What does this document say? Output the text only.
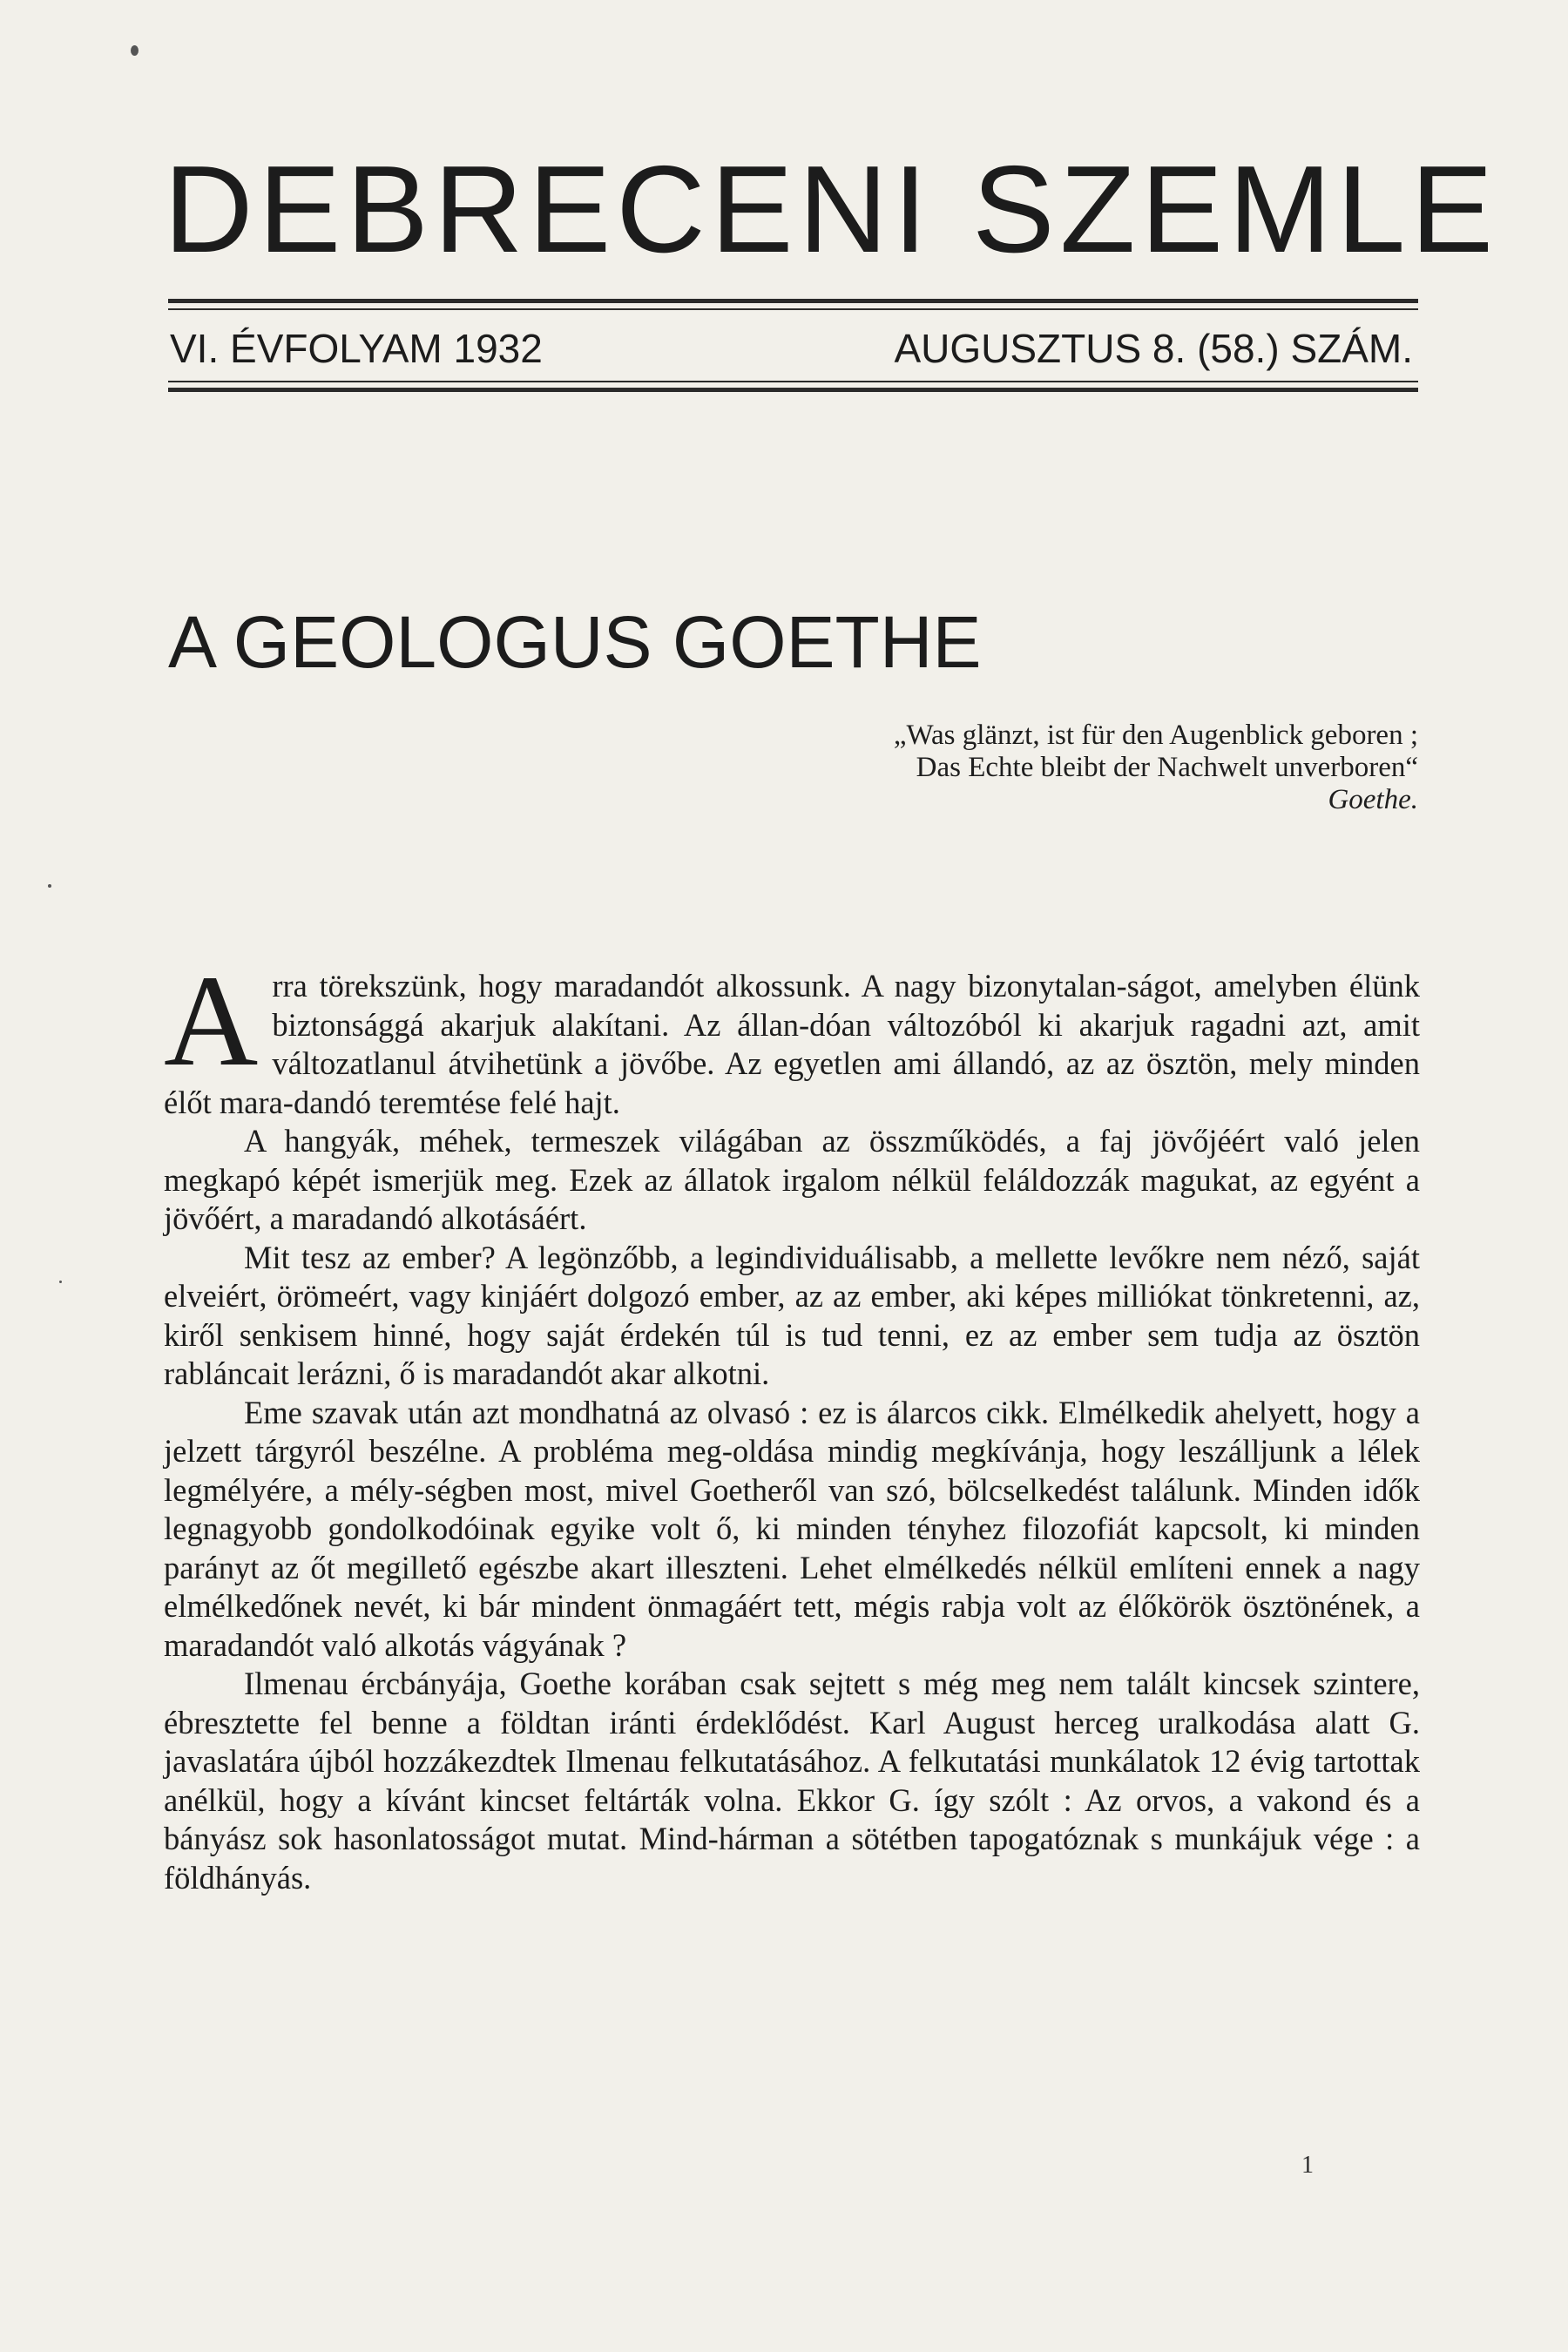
DEBRECENI SZEMLE
VI. ÉVFOLYAM 1932	AUGUSZTUS 8. (58.) SZÁM.
A GEOLOGUS GOETHE
„Was glänzt, ist für den Augenblick geboren ;
Das Echte bleibt der Nachwelt unverboren“
Goethe.

Arra törekszünk, hogy maradandót alkossunk. A nagy bizonytalan-ságot, amelyben élünk biztonsággá akarjuk alakítani. Az állan-dóan változóból ki akarjuk ragadni azt, amit változatlanul átvihetünk a jövőbe. Az egyetlen ami állandó, az az ösztön, mely minden élőt mara-dandó teremtése felé hajt.

A hangyák, méhek, termeszek világában az összműködés, a faj jövőjéért való jelen megkapó képét ismerjük meg. Ezek az állatok irgalom nélkül feláldozzák magukat, az egyént a jövőért, a maradandó alkotásáért.

Mit tesz az ember? A legönzőbb, a legindividuálisabb, a mellette levőkre nem néző, saját elveiért, örömeért, vagy kinjáért dolgozó ember, az az ember, aki képes milliókat tönkretenni, az, kiről senkisem hinné, hogy saját érdekén túl is tud tenni, ez az ember sem tudja az ösztön rabláncait lerázni, ő is maradandót akar alkotni.

Eme szavak után azt mondhatná az olvasó : ez is álarcos cikk. Elmélkedik ahelyett, hogy a jelzett tárgyról beszélne. A probléma meg-oldása mindig megkívánja, hogy leszálljunk a lélek legmélyére, a mély-ségben most, mivel Goetheről van szó, bölcselkedést találunk. Minden idők legnagyobb gondolkodóinak egyike volt ő, ki minden tényhez filozofiát kapcsolt, ki minden parányt az őt megillető egészbe akart illeszteni. Lehet elmélkedés nélkül említeni ennek a nagy elmélkedőnek nevét, ki bár mindent önmagáért tett, mégis rabja volt az élőkörök ösztönének, a maradandót való alkotás vágyának ?

Ilmenau ércbányája, Goethe korában csak sejtett s még meg nem talált kincsek szintere, ébresztette fel benne a földtan iránti érdeklődést. Karl August herceg uralkodása alatt G. javaslatára újból hozzákezdtek Ilmenau felkutatásához. A felkutatási munkálatok 12 évig tartottak anélkül, hogy a kívánt kincset feltárták volna. Ekkor G. így szólt : Az orvos, a vakond és a bányász sok hasonlatosságot mutat. Mind-hárman a sötétben tapogatóznak s munkájuk vége : a földhányás.

1
